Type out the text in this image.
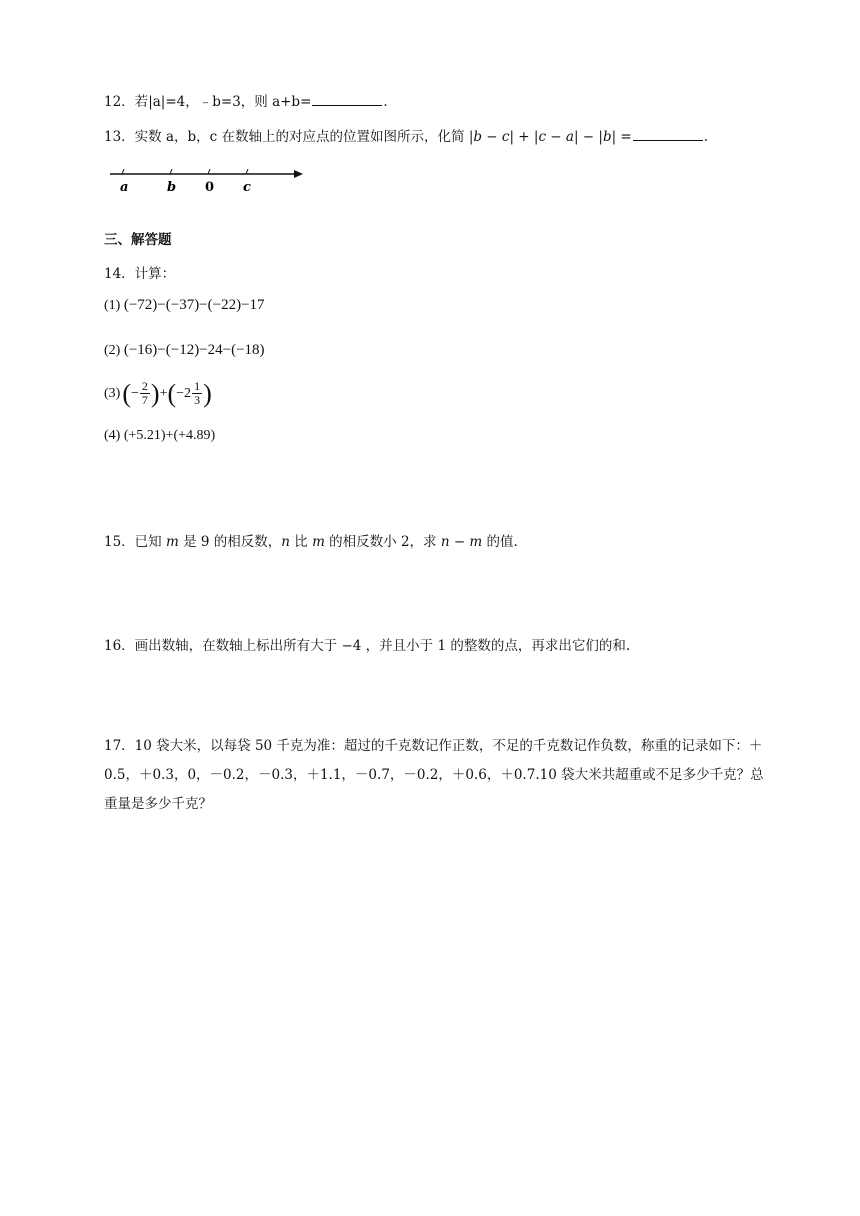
12．若|a|=4，﹣b=3，则 a+b=	.
13．实数 a，b，c 在数轴上的对应点的位置如图所示，化简 |b − c| + |c − a| − |b| =	.
a	b 0 c
三、解答题
14．计算：
(1) (−72)−(−37)−(−22)−17
(2) (−16)−(−12)−24−(−18)
(3) ( − $\frac{2}{7}$ ) + ( $-2 \frac{1}{3}$ )
(4) (+5.21)+(+4.89)
15．已知 m 是 9 的相反数，n 比 m 的相反数小 2，求 n − m 的值.
16．画出数轴，在数轴上标出所有大于 −4 ，并且小于 1 的整数的点，再求出它们的和.
17．10 袋大米，以每袋 50 千克为准：超过的千克数记作正数，不足的千克数记作负数，称重的记录如下：＋0.5，＋0.3，0，－0.2，－0.3，＋1.1，－0.7，－0.2，＋0.6，＋0.7.10 袋大米共超重或不足多少千克？总重量是多少千克？
